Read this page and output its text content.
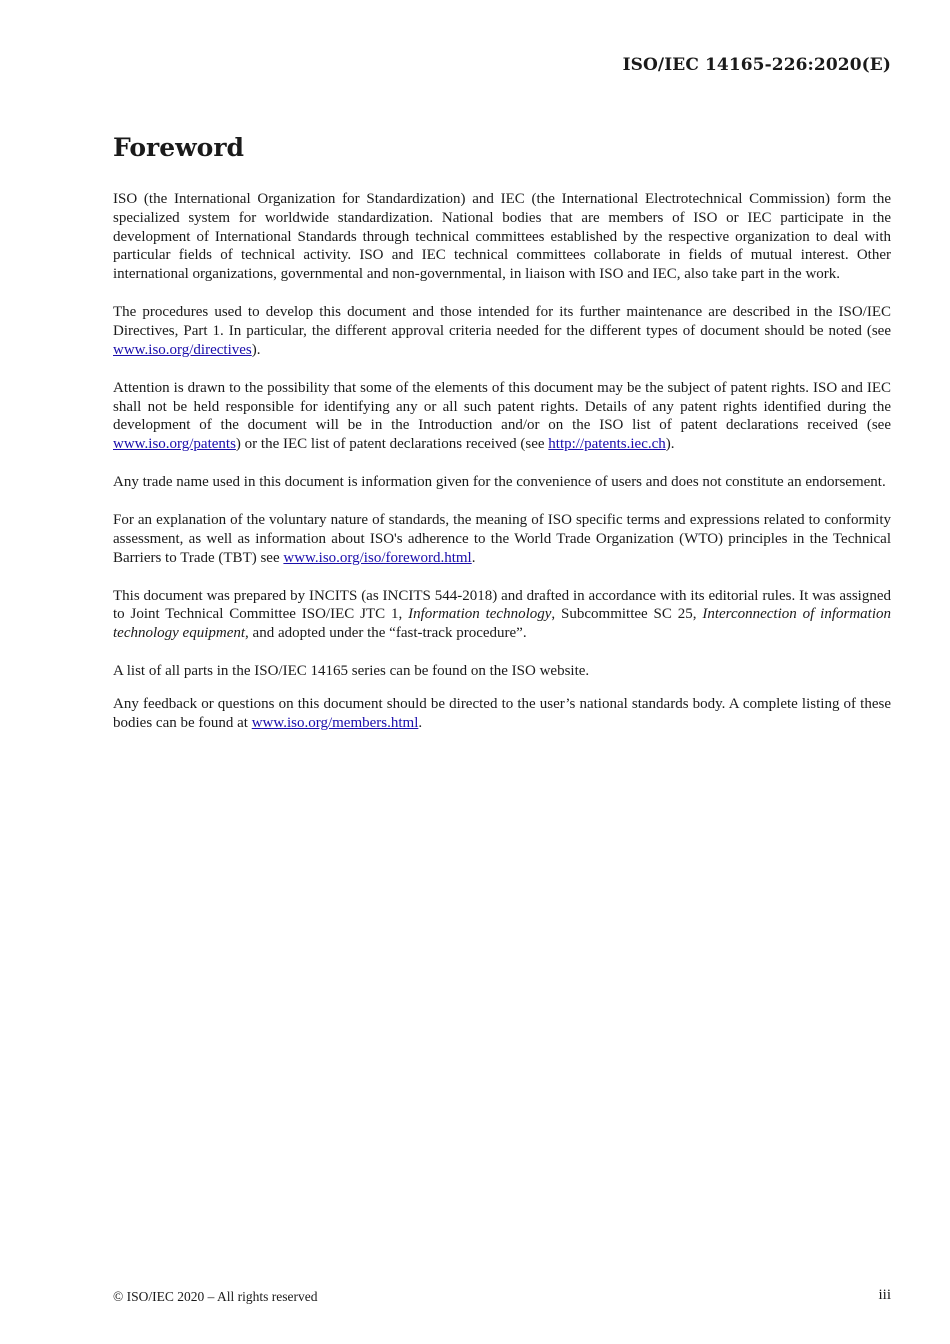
ISO/IEC 14165-226:2020(E)
Foreword

ISO (the International Organization for Standardization) and IEC (the International Electrotechnical Commission) form the specialized system for worldwide standardization. National bodies that are members of ISO or IEC participate in the development of International Standards through technical committees established by the respective organization to deal with particular fields of technical activity. ISO and IEC technical committees collaborate in fields of mutual interest. Other international organizations, governmental and non-governmental, in liaison with ISO and IEC, also take part in the work.

The procedures used to develop this document and those intended for its further maintenance are described in the ISO/IEC Directives, Part 1. In particular, the different approval criteria needed for the different types of document should be noted (see www.iso.org/directives).

Attention is drawn to the possibility that some of the elements of this document may be the subject of patent rights. ISO and IEC shall not be held responsible for identifying any or all such patent rights. Details of any patent rights identified during the development of the document will be in the Introduction and/or on the ISO list of patent declarations received (see www.iso.org/patents) or the IEC list of patent declarations received (see http://patents.iec.ch).

Any trade name used in this document is information given for the convenience of users and does not constitute an endorsement.

For an explanation of the voluntary nature of standards, the meaning of ISO specific terms and expressions related to conformity assessment, as well as information about ISO's adherence to the World Trade Organization (WTO) principles in the Technical Barriers to Trade (TBT) see www.iso.org/iso/foreword.html.

This document was prepared by INCITS (as INCITS 544-2018) and drafted in accordance with its editorial rules. It was assigned to Joint Technical Committee ISO/IEC JTC 1, Information technology, Subcommittee SC 25, Interconnection of information technology equipment, and adopted under the “fast-track procedure”.

A list of all parts in the ISO/IEC 14165 series can be found on the ISO website.

Any feedback or questions on this document should be directed to the user’s national standards body. A complete listing of these bodies can be found at www.iso.org/members.html.

© ISO/IEC 2020 – All rights reserved	iii
